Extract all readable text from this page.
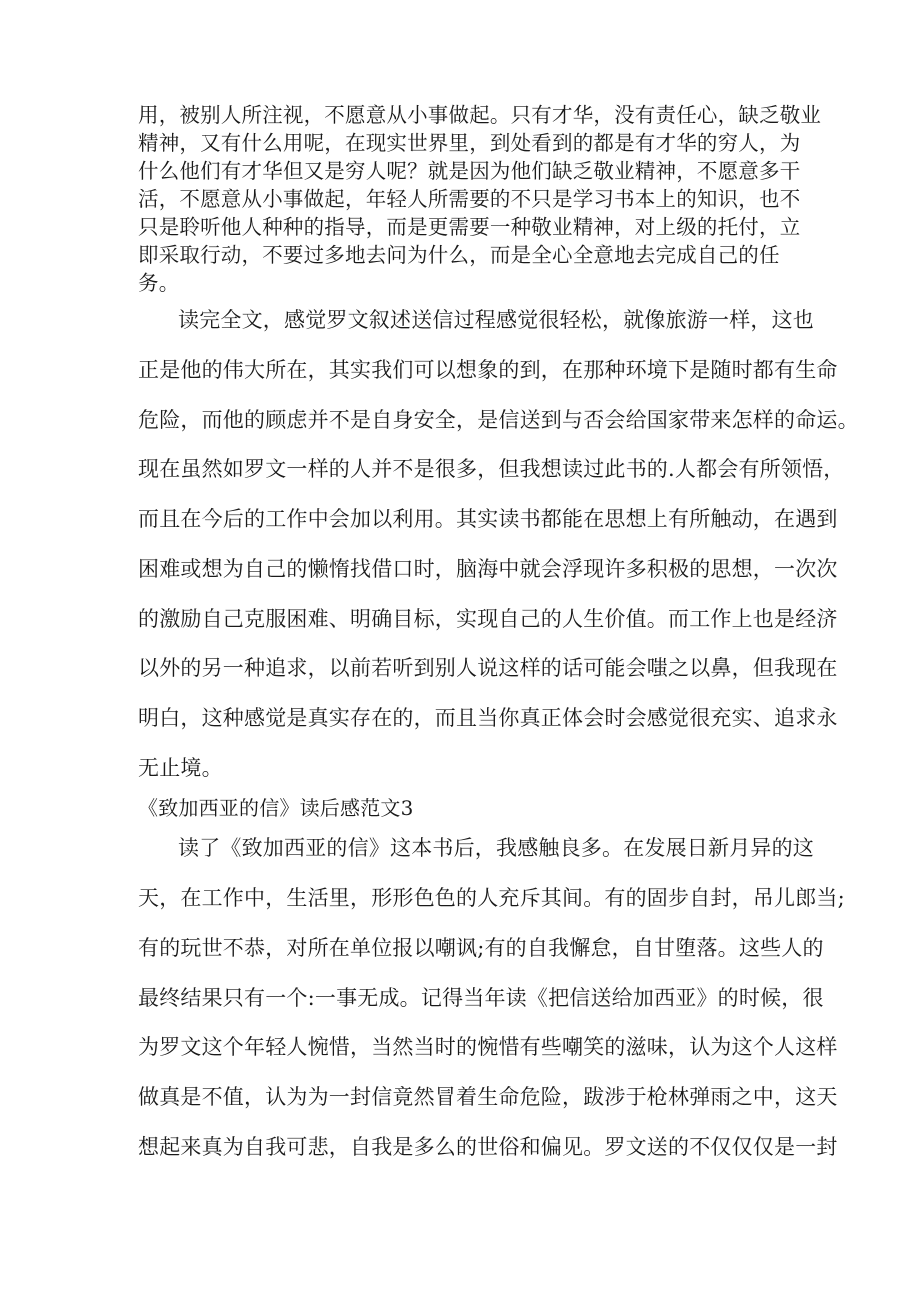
用，被别人所注视，不愿意从小事做起。只有才华，没有责任心，缺乏敬业
精神，又有什么用呢，在现实世界里，到处看到的都是有才华的穷人，为
什么他们有才华但又是穷人呢？就是因为他们缺乏敬业精神，不愿意多干
活，不愿意从小事做起，年轻人所需要的不只是学习书本上的知识，也不
只是聆听他人种种的指导，而是更需要一种敬业精神，对上级的托付，立
即采取行动，不要过多地去问为什么，而是全心全意地去完成自己的任
务。
读完全文，感觉罗文叙述送信过程感觉很轻松，就像旅游一样，这也
正是他的伟大所在，其实我们可以想象的到，在那种环境下是随时都有生命
危险，而他的顾虑并不是自身安全，是信送到与否会给国家带来怎样的命运。
现在虽然如罗文一样的人并不是很多，但我想读过此书的.人都会有所领悟，
而且在今后的工作中会加以利用。其实读书都能在思想上有所触动，在遇到
困难或想为自己的懒惰找借口时，脑海中就会浮现许多积极的思想，一次次
的激励自己克服困难、明确目标，实现自己的人生价值。而工作上也是经济
以外的另一种追求，以前若听到别人说这样的话可能会嗤之以鼻，但我现在
明白，这种感觉是真实存在的，而且当你真正体会时会感觉很充实、追求永
无止境。
《致加西亚的信》读后感范文3
读了《致加西亚的信》这本书后，我感触良多。在发展日新月异的这
天，在工作中，生活里，形形色色的人充斥其间。有的固步自封，吊儿郎当;
有的玩世不恭，对所在单位报以嘲讽;有的自我懈怠，自甘堕落。这些人的
最终结果只有一个:一事无成。记得当年读《把信送给加西亚》的时候，很
为罗文这个年轻人惋惜，当然当时的惋惜有些嘲笑的滋味，认为这个人这样
做真是不值，认为为一封信竟然冒着生命危险，跋涉于枪林弹雨之中，这天
想起来真为自我可悲，自我是多么的世俗和偏见。罗文送的不仅仅仅是一封
